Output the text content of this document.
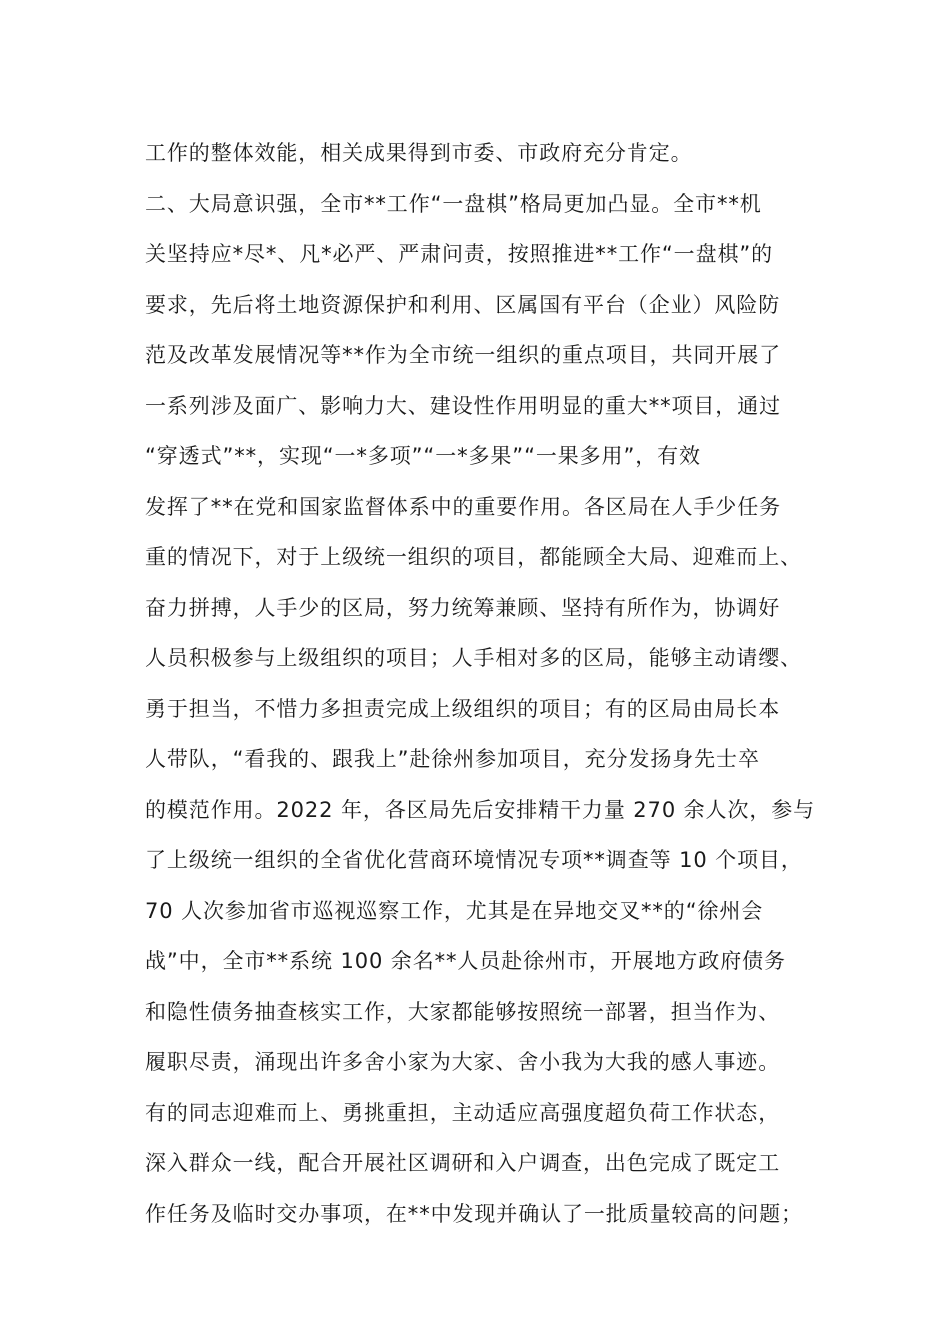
工作的整体效能，相关成果得到市委、市政府充分肯定。
二、大局意识强，全市**工作“一盘棋”格局更加凸显。全市**机
关坚持应*尽*、凡*必严、严肃问责，按照推进**工作“一盘棋”的
要求，先后将土地资源保护和利用、区属国有平台（企业）风险防
范及改革发展情况等**作为全市统一组织的重点项目，共同开展了
一系列涉及面广、影响力大、建设性作用明显的重大**项目，通过
“穿透式”**，实现“一*多项”“一*多果”“一果多用”，有效
发挥了**在党和国家监督体系中的重要作用。各区局在人手少任务
重的情况下，对于上级统一组织的项目，都能顾全大局、迎难而上、
奋力拼搏，人手少的区局，努力统筹兼顾、坚持有所作为，协调好
人员积极参与上级组织的项目；人手相对多的区局，能够主动请缨、
勇于担当，不惜力多担责完成上级组织的项目；有的区局由局长本
人带队，“看我的、跟我上”赴徐州参加项目，充分发扬身先士卒
的模范作用。2022 年，各区局先后安排精干力量 270 余人次，参与
了上级统一组织的全省优化营商环境情况专项**调查等 10 个项目，
70 人次参加省市巡视巡察工作，尤其是在异地交叉**的“徐州会
战”中，全市**系统 100 余名**人员赴徐州市，开展地方政府债务
和隐性债务抽查核实工作，大家都能够按照统一部署，担当作为、
履职尽责，涌现出许多舍小家为大家、舍小我为大我的感人事迹。
有的同志迎难而上、勇挑重担，主动适应高强度超负荷工作状态，
深入群众一线，配合开展社区调研和入户调查，出色完成了既定工
作任务及临时交办事项，在**中发现并确认了一批质量较高的问题；
